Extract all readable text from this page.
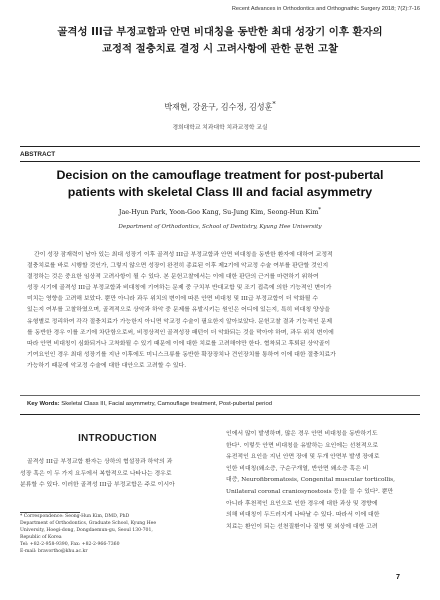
Recent Advances in Orthodontics and Orthognathic Surgery 2018; 7(2):7-16
골격성 III급 부정교합과 안면 비대칭을 동반한 최대 성장기 이후 환자의
교정적 절충치료 결정 시 고려사항에 관한 문헌 고찰
박재현, 강윤구, 김수정, 김성훈*
경희대학교 치과대학 치과교정학 교실
ABSTRACT
Decision on the camouflage treatment for post-pubertal
patients with skeletal Class III and facial asymmetry
Jae-Hyun Park, Yoon-Goo Kang, Su-Jung Kim, Seong-Hun Kim*
Department of Orthodontics, School of Dentistry, Kyung Hee University
간이 성장 잠재력이 남아 있는 최대 성장기 이후 골격성 III급 부정교합과 안면 비대칭을 동반한 환자에 대하여 교정적
절충치료를 바로 시행할 것인가, 그렇지 않으면 성장이 완전히 종료된 이후 제2기에 악교정 수술 여부를 판단할 것인지
결정하는 것은 중요한 임상적 고려사항이 될 수 있다. 본 문헌고찰에서는 이에 대한 판단의 근거를 마련하기 위하여
성장 시기에 골격성 III급 부정교합과 비대칭에 기여하는 문제 중 구치부 반대교합 및 조기 접촉에 의한 기능적인 변이가
미치는 영향을 고려해 보았다. 뿐만 아니라 과두 위치의 변이에 따른 안면 비대칭 및 III급 부정교합이 더 악화될 수
있는지 여부를 고찰하였으며, 골격적으로 상악과 하악 중 문제를 유발시키는 원인은 어디에 있는지, 특히 비대칭 양상을
유형별로 정리하여 각각 절충치료가 가능한지 아니면 악교정 수술이 필요한지 알아보았다. 문헌고찰 결과 기능적인 문제
를 동반한 경우 이를 조기에 차단함으로써, 비정상적인 골격성장 패턴이 더 악화되는 것을 막아야 하며, 과두 위치 변이에
따라 안면 비대칭이 심화되거나 고착화될 수 있기 때문에 이에 대한 치료를 고려해야만 한다. 협착되고 후퇴된 상악골이
기여요인인 경우 최대 성장기를 지난 이후에도 미니스크류를 동반한 확장장치나 견인장치를 통하여 이에 대한 절충치료가
가능하기 때문에 악교정 수술에 대한 대안으로 고려할 수 있다.
Key Words: Skeletal Class III, Facial asymmetry, Camouflage treatment, Post-pubertal period
INTRODUCTION
골격성 III급 부정교합 환자는 상하의 협설장과 하악의 과
성장 혹은 이 두 가지 요두에서 복합적으로 나타나는 경우로
분류할 수 있다. 이러한 골격성 III급 부정교합은 주로 이시아
* Correspondence: Seong-Hun Kim, DMD, PhD
Department of Orthodontics, Graduate School, Kyung Hee
University, Hoegi-dong, Dongdaemun-gu, Seoul 130-701,
Republic of Korea
Tel: +82-2-958-9390, Fax: +82-2-966-7360
E-mail: bravortho@khu.ac.kr
인에서 많이 발생하며, 많은 경우 안면 비대칭을 동반하기도
한다¹. 이렇듯 안면 비대칭을 유발하는 요인에는 선천적으로
유전적인 요인을 지닌 안면 장애 및 두개 안면부 발생 장애로
인한 비대칭(왜소증, 구순구개열, 반안면 왜소증 혹은 비
대증, Neurofibromatosis, Congenital muscular torticollis,
Unilateral coronal craniosynostosis 등)을 들 수 있다². 뿐만
아니라 후천적인 요인으로 인한 경우에 대한 과상 및 경향에
의해 비대칭이 두드러지게 나타날 수 있다. 따라서 이에 대한
치료는 환인이 되는 선천질환이나 질병 및 외상에 대한 고려
7
